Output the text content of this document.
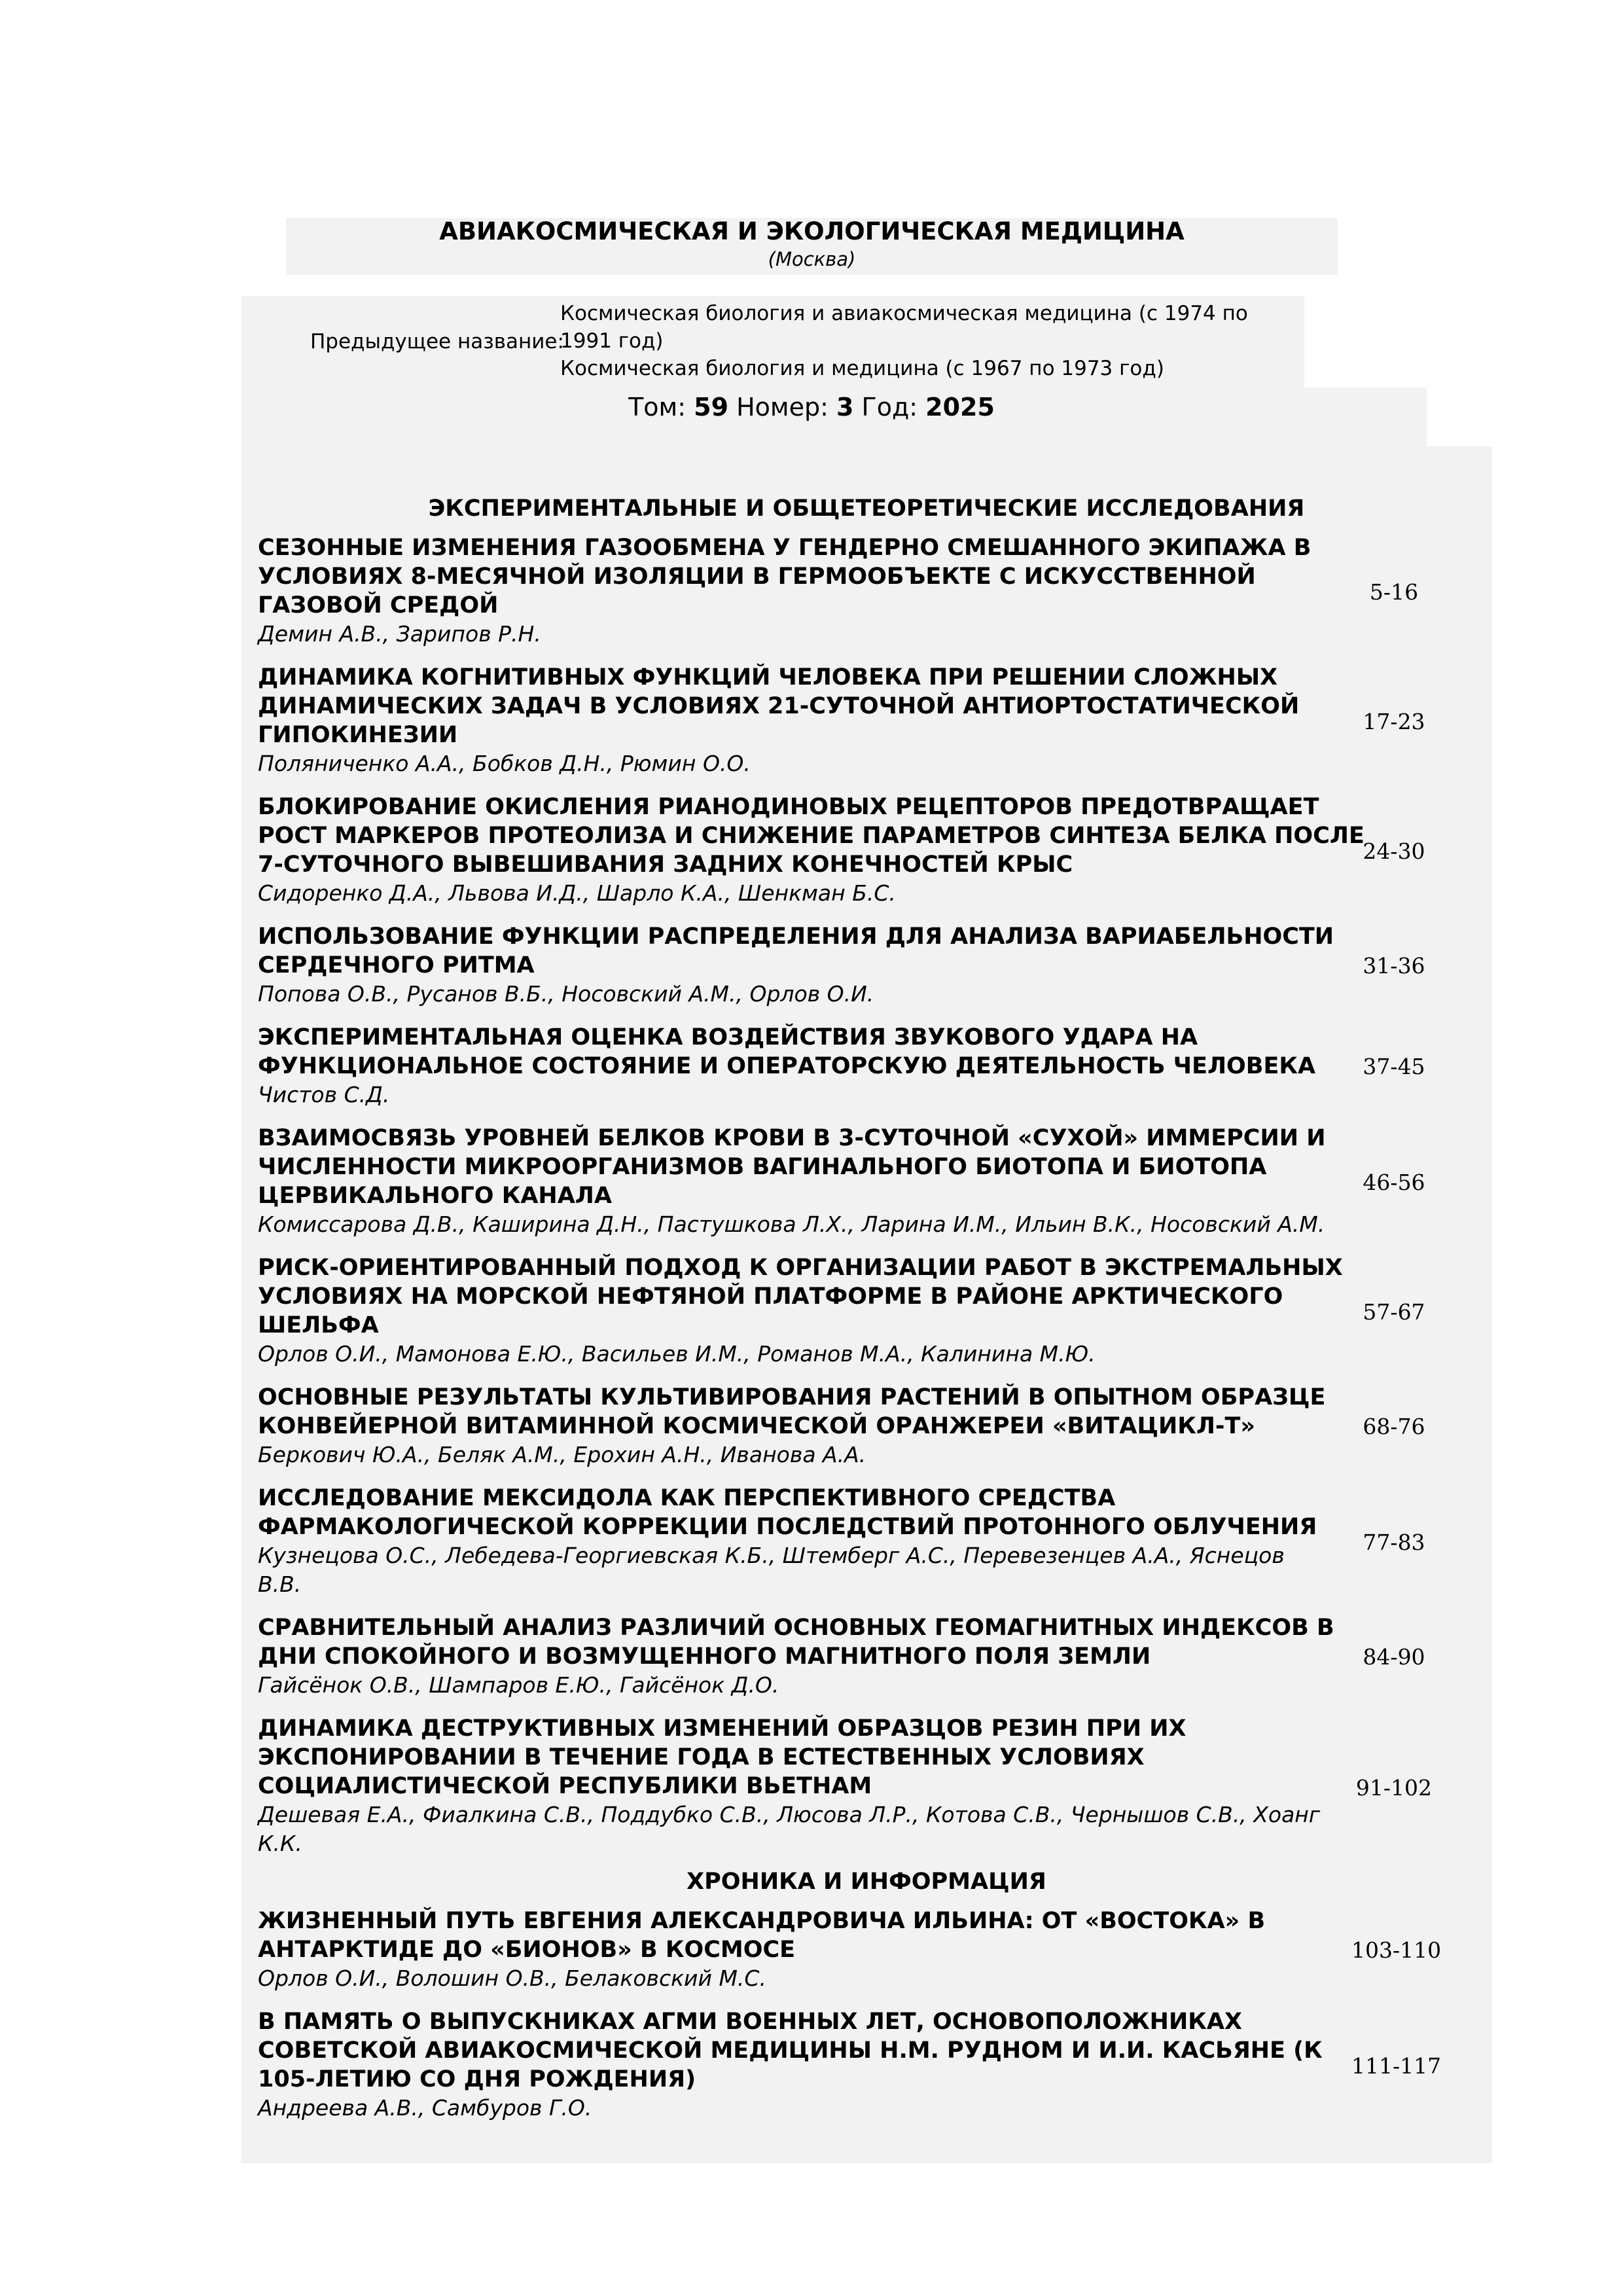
АВИАКОСМИЧЕСКАЯ И ЭКОЛОГИЧЕСКАЯ МЕДИЦИНА
(Москва)
Предыдущее название:
Космическая биология и авиакосмическая медицина (с 1974 по 1991 год)
Космическая биология и медицина (с 1967 по 1973 год)
Том: 59 Номер: 3 Год: 2025
ЭКСПЕРИМЕНТАЛЬНЫЕ И ОБЩЕТЕОРЕТИЧЕСКИЕ ИССЛЕДОВАНИЯ
ХРОНИКА И ИНФОРМАЦИЯ
СЕЗОННЫЕ ИЗМЕНЕНИЯ ГАЗООБМЕНА У ГЕНДЕРНО СМЕШАННОГО ЭКИПАЖА В
УСЛОВИЯХ 8-МЕСЯЧНОЙ ИЗОЛЯЦИИ В ГЕРМООБЪЕКТЕ С ИСКУССТВЕННОЙ
ГАЗОВОЙ СРЕДОЙ
Демин А.В., Зарипов Р.Н.
5-16
ДИНАМИКА КОГНИТИВНЫХ ФУНКЦИЙ ЧЕЛОВЕКА ПРИ РЕШЕНИИ СЛОЖНЫХ
ДИНАМИЧЕСКИХ ЗАДАЧ В УСЛОВИЯХ 21-СУТОЧНОЙ АНТИОРТОСТАТИЧЕСКОЙ
ГИПОКИНЕЗИИ
Поляниченко А.А., Бобков Д.Н., Рюмин О.О.
17-23
БЛОКИРОВАНИЕ ОКИСЛЕНИЯ РИАНОДИНОВЫХ РЕЦЕПТОРОВ ПРЕДОТВРАЩАЕТ
РОСТ МАРКЕРОВ ПРОТЕОЛИЗА И СНИЖЕНИЕ ПАРАМЕТРОВ СИНТЕЗА БЕЛКА ПОСЛЕ
7-СУТОЧНОГО ВЫВЕШИВАНИЯ ЗАДНИХ КОНЕЧНОСТЕЙ КРЫС
Сидоренко Д.А., Львова И.Д., Шарло К.А., Шенкман Б.С.
24-30
ИСПОЛЬЗОВАНИЕ ФУНКЦИИ РАСПРЕДЕЛЕНИЯ ДЛЯ АНАЛИЗА ВАРИАБЕЛЬНОСТИ
СЕРДЕЧНОГО РИТМА
Попова О.В., Русанов В.Б., Носовский А.М., Орлов О.И.
31-36
ЭКСПЕРИМЕНТАЛЬНАЯ ОЦЕНКА ВОЗДЕЙСТВИЯ ЗВУКОВОГО УДАРА НА
ФУНКЦИОНАЛЬНОЕ СОСТОЯНИЕ И ОПЕРАТОРСКУЮ ДЕЯТЕЛЬНОСТЬ ЧЕЛОВЕКА
Чистов С.Д.
37-45
ВЗАИМОСВЯЗЬ УРОВНЕЙ БЕЛКОВ КРОВИ В 3-СУТОЧНОЙ «СУХОЙ» ИММЕРСИИ И
ЧИСЛЕННОСТИ МИКРООРГАНИЗМОВ ВАГИНАЛЬНОГО БИОТОПА И БИОТОПА
ЦЕРВИКАЛЬНОГО КАНАЛА
Комиссарова Д.В., Каширина Д.Н., Пастушкова Л.Х., Ларина И.М., Ильин В.К., Носовский А.М.
46-56
РИСК-ОРИЕНТИРОВАННЫЙ ПОДХОД К ОРГАНИЗАЦИИ РАБОТ В ЭКСТРЕМАЛЬНЫХ
УСЛОВИЯХ НА МОРСКОЙ НЕФТЯНОЙ ПЛАТФОРМЕ В РАЙОНЕ АРКТИЧЕСКОГО
ШЕЛЬФА
Орлов О.И., Мамонова Е.Ю., Васильев И.М., Романов М.А., Калинина М.Ю.
57-67
ОСНОВНЫЕ РЕЗУЛЬТАТЫ КУЛЬТИВИРОВАНИЯ РАСТЕНИЙ В ОПЫТНОМ ОБРАЗЦЕ
КОНВЕЙЕРНОЙ ВИТАМИННОЙ КОСМИЧЕСКОЙ ОРАНЖЕРЕИ «ВИТАЦИКЛ-Т»
Беркович Ю.А., Беляк А.М., Ерохин А.Н., Иванова А.А.
68-76
ИССЛЕДОВАНИЕ МЕКСИДОЛА КАК ПЕРСПЕКТИВНОГО СРЕДСТВА
ФАРМАКОЛОГИЧЕСКОЙ КОРРЕКЦИИ ПОСЛЕДСТВИЙ ПРОТОННОГО ОБЛУЧЕНИЯ
Кузнецова О.С., Лебедева-Георгиевская К.Б., Штемберг А.С., Перевезенцев А.А., Яснецов
В.В.
77-83
СРАВНИТЕЛЬНЫЙ АНАЛИЗ РАЗЛИЧИЙ ОСНОВНЫХ ГЕОМАГНИТНЫХ ИНДЕКСОВ В
ДНИ СПОКОЙНОГО И ВОЗМУЩЕННОГО МАГНИТНОГО ПОЛЯ ЗЕМЛИ
Гайсёнок О.В., Шампаров Е.Ю., Гайсёнок Д.О.
84-90
ДИНАМИКА ДЕСТРУКТИВНЫХ ИЗМЕНЕНИЙ ОБРАЗЦОВ РЕЗИН ПРИ ИХ
ЭКСПОНИРОВАНИИ В ТЕЧЕНИЕ ГОДА В ЕСТЕСТВЕННЫХ УСЛОВИЯХ
СОЦИАЛИСТИЧЕСКОЙ РЕСПУБЛИКИ ВЬЕТНАМ
Дешевая Е.А., Фиалкина С.В., Поддубко С.В., Люсова Л.Р., Котова С.В., Чернышов С.В., Хоанг
К.К.
91-102
ЖИЗНЕННЫЙ ПУТЬ ЕВГЕНИЯ АЛЕКСАНДРОВИЧА ИЛЬИНА: ОТ «ВОСТОКА» В
АНТАРКТИДЕ ДО «БИОНОВ» В КОСМОСЕ
Орлов О.И., Волошин О.В., Белаковский М.С.
103-110
В ПАМЯТЬ О ВЫПУСКНИКАХ АГМИ ВОЕННЫХ ЛЕТ, ОСНОВОПОЛОЖНИКАХ
СОВЕТСКОЙ АВИАКОСМИЧЕСКОЙ МЕДИЦИНЫ Н.М. РУДНОМ И И.И. КАСЬЯНЕ (К
105-ЛЕТИЮ СО ДНЯ РОЖДЕНИЯ)
Андреева А.В., Самбуров Г.О.
111-117
